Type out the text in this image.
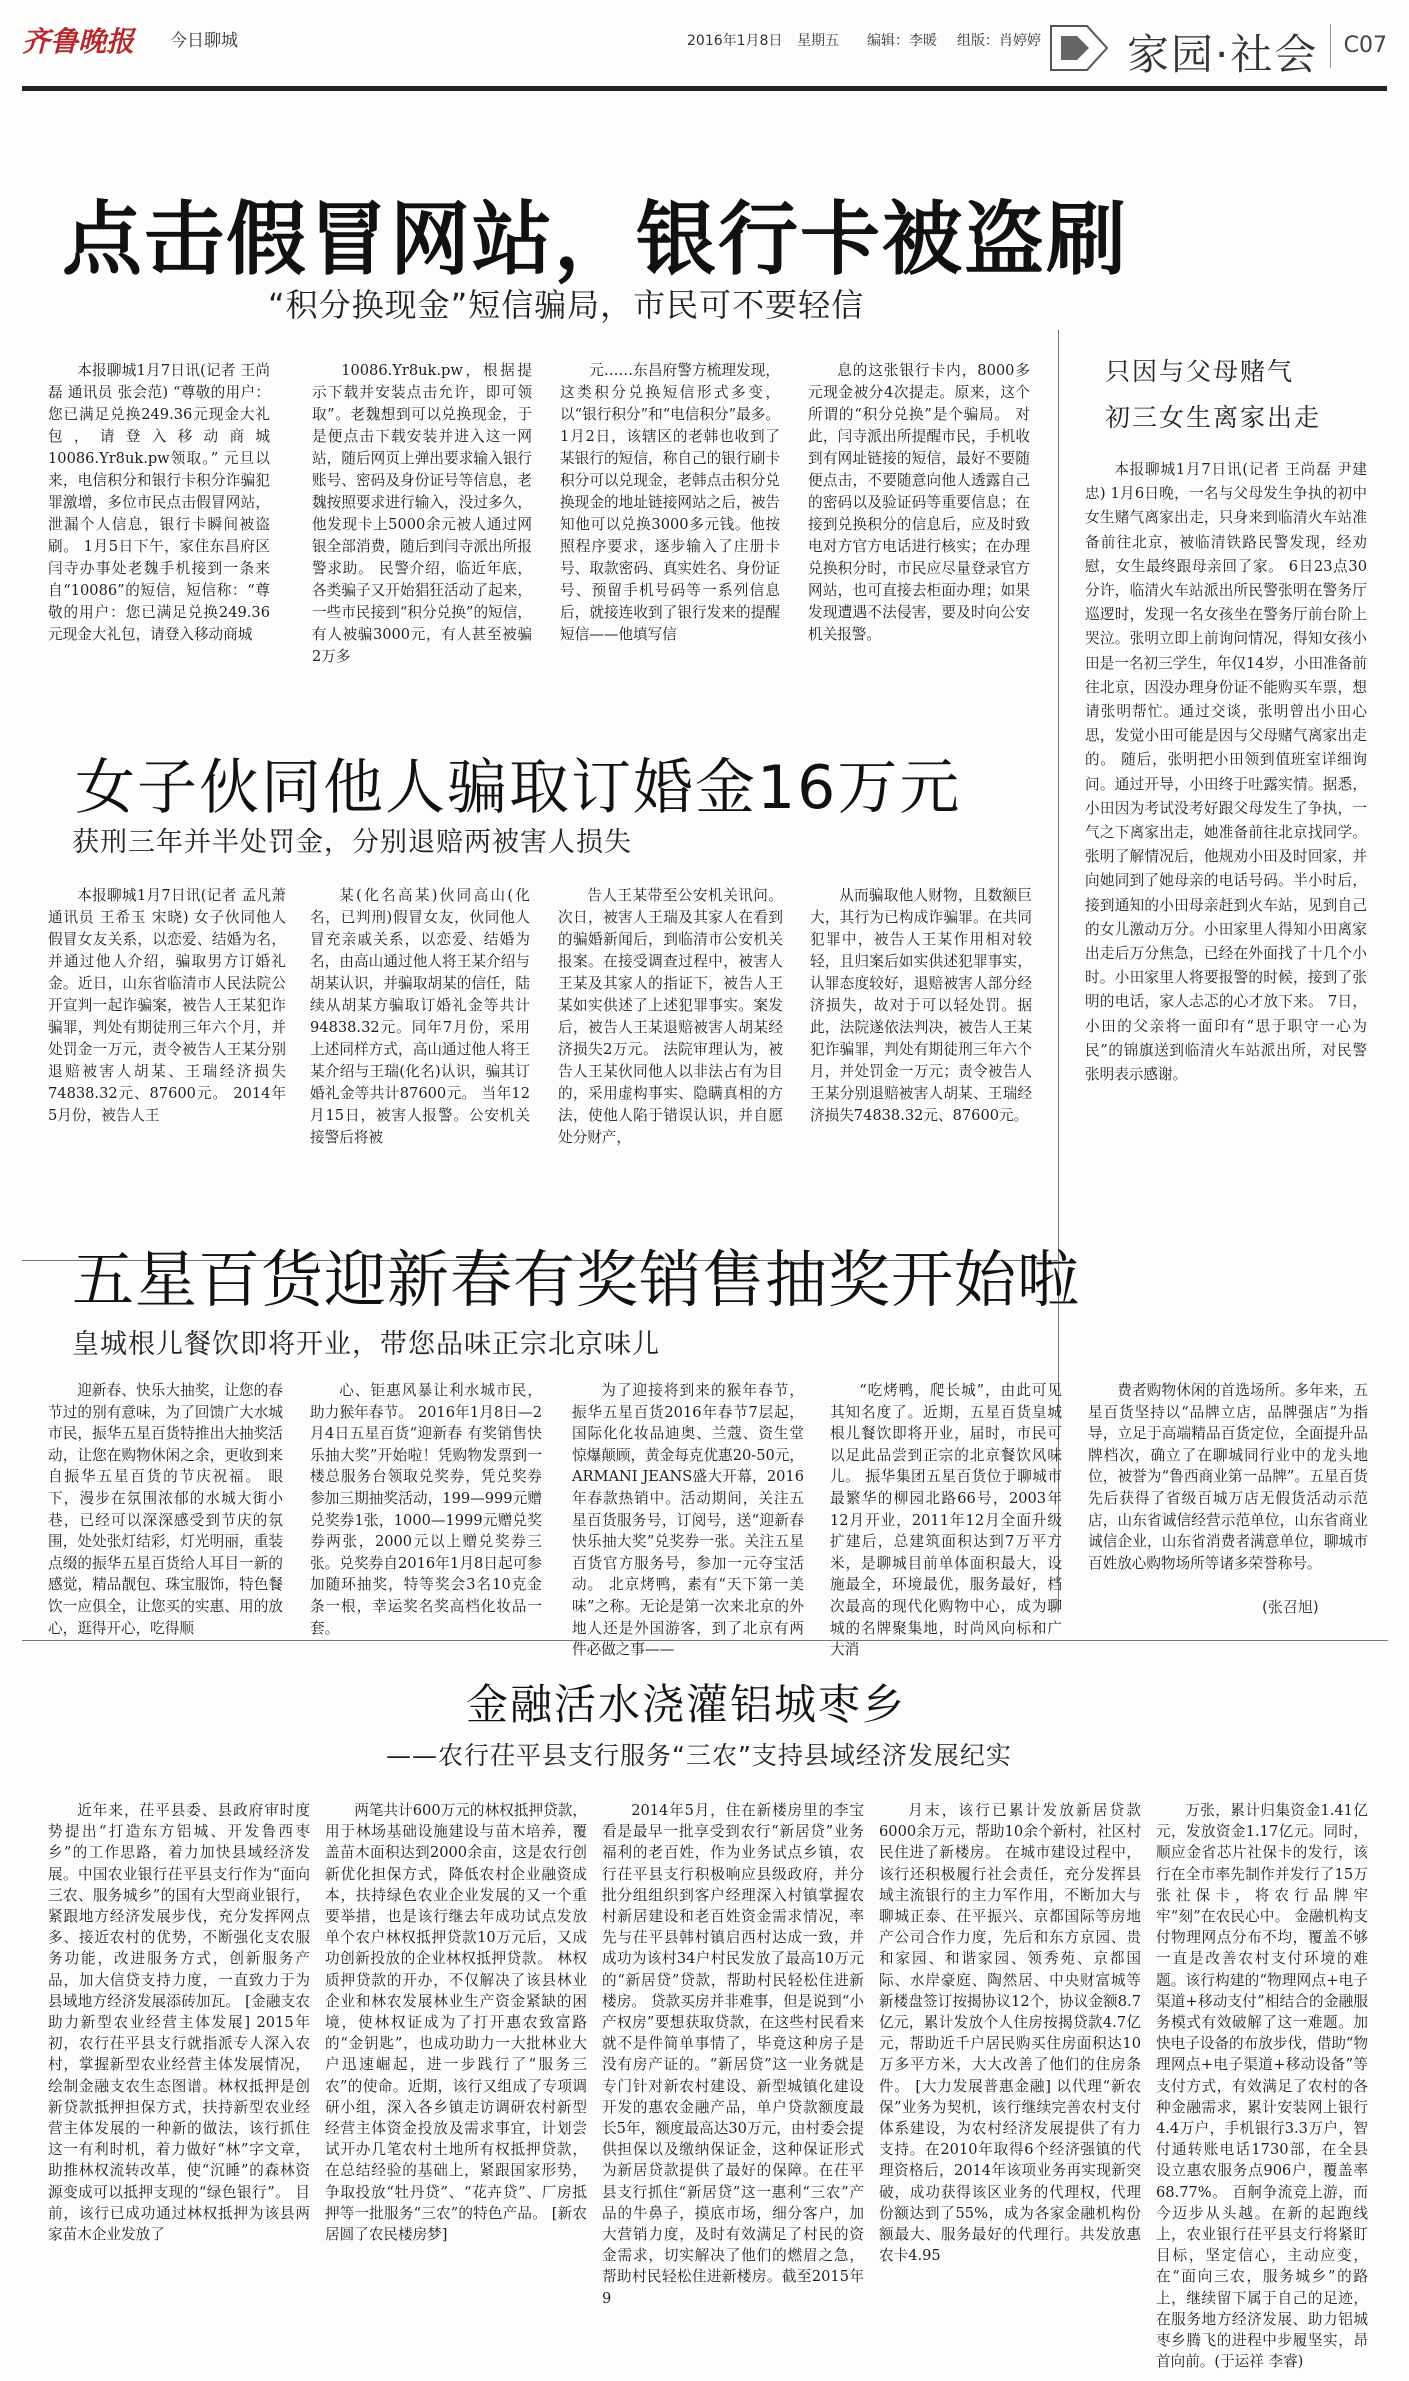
齐鲁晚报 今日聊城	2016年1月8日 星期五 编辑：李暖 组版：肖婷婷 家园·社会	C07
点击假冒网站，银行卡被盗刷
“积分换现金”短信骗局，市民可不要轻信
本报聊城1月7日讯(记者 王尚磊 通讯员 张会范) “尊敬的用户：您已满足兑换249.36元现金大礼包，请登入移动商城10086.Yr8uk.pw领取。” 元旦以来，电信积分和银行卡积分诈骗犯罪激增，多位市民点击假冒网站，泄漏个人信息，银行卡瞬间被盗刷。 1月5日下午，家住东昌府区闫寺办事处老魏手机接到一条来自“10086”的短信，短信称：“尊敬的用户：您已满足兑换249.36元现金大礼包，请登入移动商城
10086.Yr8uk.pw，根据提示下载并安装点击允许，即可领取”。老魏想到可以兑换现金，于是便点击下载安装并进入这一网站，随后网页上弹出要求输入银行账号、密码及身份证号等信息，老魏按照要求进行输入，没过多久，他发现卡上5000余元被人通过网银全部消费，随后到闫寺派出所报警求助。 民警介绍，临近年底，各类骗子又开始猖狂活动了起来，一些市民接到“积分兑换”的短信，有人被骗3000元，有人甚至被骗2万多
元……东昌府警方梳理发现，这类积分兑换短信形式多变，以“银行积分”和“电信积分”最多。 1月2日，该辖区的老韩也收到了某银行的短信，称自己的银行刷卡积分可以兑现金，老韩点击积分兑换现金的地址链接网站之后，被告知他可以兑换3000多元钱。他按照程序要求，逐步输入了庄册卡号、取款密码、真实姓名、身份证号、预留手机号码等一系列信息后，就接连收到了银行发来的提醒短信——他填写信
息的这张银行卡内，8000多元现金被分4次提走。原来，这个所谓的“积分兑换”是个骗局。 对此，闫寺派出所提醒市民，手机收到有网址链接的短信，最好不要随便点击，不要随意向他人透露自己的密码以及验证码等重要信息；在接到兑换积分的信息后，应及时致电对方官方电话进行核实；在办理兑换积分时，市民应尽量登录官方网站，也可直接去柜面办理；如果发现遭遇不法侵害，要及时向公安机关报警。
只因与父母赌气
初三女生离家出走
本报聊城1月7日讯(记者 王尚磊 尹建忠) 1月6日晚，一名与父母发生争执的初中女生赌气离家出走，只身来到临清火车站准备前往北京，被临清铁路民警发现，经劝慰，女生最终跟母亲回了家。 6日23点30分许，临清火车站派出所民警张明在警务厅巡逻时，发现一名女孩坐在警务厅前台阶上哭泣。张明立即上前询问情况，得知女孩小田是一名初三学生，年仅14岁，小田准备前往北京，因没办理身份证不能购买车票，想请张明帮忙。通过交谈，张明曾出小田心思，发觉小田可能是因与父母赌气离家出走的。 随后，张明把小田领到值班室详细询问。通过开导，小田终于吐露实情。据悉，小田因为考试没考好跟父母发生了争执，一气之下离家出走，她准备前往北京找同学。张明了解情况后，他规劝小田及时回家，并向她同到了她母亲的电话号码。半小时后，接到通知的小田母亲赶到火车站，见到自己的女儿激动万分。小田家里人得知小田离家出走后万分焦急，已经在外面找了十几个小时。小田家里人将要报警的时候，接到了张明的电话，家人忐忑的心才放下来。 7日，小田的父亲将一面印有“思于职守一心为民”的锦旗送到临清火车站派出所，对民警张明表示感谢。
女子伙同他人骗取订婚金16万元
获刑三年并半处罚金，分别退赔两被害人损失
本报聊城1月7日讯(记者 孟凡萧 通讯员 王希玉 宋晓) 女子伙同他人假冒女友关系，以恋爱、结婚为名，并通过他人介绍，骗取男方订婚礼金。近日，山东省临清市人民法院公开宣判一起诈骗案，被告人王某犯诈骗罪，判处有期徒刑三年六个月，并处罚金一万元，责令被告人王某分别退赔被害人胡某、王瑞经济损失74838.32元、87600元。 2014年5月份，被告人王
某(化名高某)伙同高山(化名，已判刑)假冒女友，伙同他人冒充亲戚关系，以恋爱、结婚为名，由高山通过他人将王某介绍与胡某认识，并骗取胡某的信任，陆续从胡某方骗取订婚礼金等共计94838.32元。同年7月份，采用上述同样方式，高山通过他人将王某介绍与王瑞(化名)认识，骗其订婚礼金等共计87600元。 当年12月15日，被害人报警。公安机关接警后将被
告人王某带至公安机关讯问。次日，被害人王瑞及其家人在看到的骗婚新闻后，到临清市公安机关报案。在接受调查过程中，被害人王某及其家人的指证下，被告人王某如实供述了上述犯罪事实。案发后，被告人王某退赔被害人胡某经济损失2万元。 法院审理认为，被告人王某伙同他人以非法占有为目的，采用虚构事实、隐瞒真相的方法，使他人陷于错误认识，并自愿处分财产，
从而骗取他人财物，且数额巨大，其行为已构成诈骗罪。在共同犯罪中，被告人王某作用相对较轻，且归案后如实供述犯罪事实，认罪态度较好，退赔被害人部分经济损失，故对于可以轻处罚。据此，法院遂依法判决，被告人王某犯诈骗罪，判处有期徒刑三年六个月，并处罚金一万元；责令被告人王某分别退赔被害人胡某、王瑞经济损失74838.32元、87600元。
五星百货迎新春有奖销售抽奖开始啦
皇城根儿餐饮即将开业，带您品味正宗北京味儿
迎新春、快乐大抽奖，让您的春节过的别有意味，为了回馈广大水城市民，振华五星百货特推出大抽奖活动，让您在购物休闲之余，更收到来自振华五星百货的节庆祝福。 眼下，漫步在氛围浓郁的水城大街小巷，已经可以深深感受到节庆的氛围，处处张灯结彩，灯光明丽，重装点缀的振华五星百货给人耳目一新的感觉，精品靓包、珠宝服饰，特色餐饮一应俱全，让您买的实惠、用的放心，逛得开心，吃得顺
心、钜惠风暴让利水城市民，助力猴年春节。 2016年1月8日—2月4日五星百货“迎新春 有奖销售快乐抽大奖”开始啦！凭购物发票到一楼总服务台领取兑奖券，凭兑奖券参加三期抽奖活动，199—999元赠兑奖券1张，1000—1999元赠兑奖券两张，2000元以上赠兑奖券三张。兑奖券自2016年1月8日起可参加随环抽奖，特等奖会3名10克金条一根，幸运奖名奖高档化妆品一套。
为了迎接将到来的猴年春节，振华五星百货2016年春节7层起，国际化化妆品迪奥、兰蔻、资生堂惊爆颠顾，黄金每克优惠20-50元，ARMANI JEANS盛大开幕，2016年春款热销中。活动期间，关注五星百货服务号，订阅号，送“迎新春 快乐抽大奖”兑奖券一张。关注五星百货官方服务号，参加一元夺宝活动。 北京烤鸭，素有“天下第一美味”之称。无论是第一次来北京的外地人还是外国游客，到了北京有两件必做之事——
“吃烤鸭，爬长城”，由此可见其知名度了。近期，五星百货皇城根儿餐饮即将开业，届时，市民可以足此品尝到正宗的北京餐饮风味儿。 振华集团五星百货位于聊城市最繁华的柳园北路66号，2003年12月开业，2011年12月全面升级扩建后，总建筑面积达到7万平方米，是聊城目前单体面积最大，设施最全，环境最优，服务最好，档次最高的现代化购物中心，成为聊城的名牌聚集地，时尚风向标和广大消
费者购物休闲的首选场所。多年来，五星百货坚持以“品牌立店，品牌强店”为指导，立足于高端精品百货定位，全面提升品牌档次，确立了在聊城同行业中的龙头地位，被誉为“鲁西商业第一品牌”。五星百货先后获得了省级百城万店无假货活动示范店，山东省诚信经营示范单位，山东省商业诚信企业，山东省消费者满意单位，聊城市百姓放心购物场所等诸多荣誉称号。
(张召旭)
金融活水浇灌铝城枣乡
——农行茌平县支行服务“三农”支持县域经济发展纪实
近年来，茌平县委、县政府审时度势提出“打造东方铝城、开发鲁西枣乡”的工作思路，着力加快县域经济发展。中国农业银行茌平县支行作为“面向三农、服务城乡”的国有大型商业银行，紧跟地方经济发展步伐，充分发挥网点多、接近农村的优势，不断强化支农服务功能，改进服务方式，创新服务产品，加大信贷支持力度，一直致力于为县域地方经济发展添砖加瓦。 [金融支农助力新型农业经营主体发展] 2015年初，农行茌平县支行就指派专人深入农村，掌握新型农业经营主体发展情况，绘制金融支农生态图谱。林权抵押是创新贷款抵押担保方式，扶持新型农业经营主体发展的一种新的做法，该行抓住这一有利时机，着力做好“林”字文章，助推林权流转改革，使“沉睡”的森林资源变成可以抵押支现的“绿色银行”。 目前，该行已成功通过林权抵押为该县两家苗木企业发放了
两笔共计600万元的林权抵押贷款，用于林场基础设施建设与苗木培养，覆盖苗木面积达到2000余亩，这是农行创新优化担保方式，降低农村企业融资成本，扶持绿色农业企业发展的又一个重要举措，也是该行继去年成功试点发放单个农户林权抵押贷款10万元后，又成功创新投放的企业林权抵押贷款。 林权质押贷款的开办，不仅解决了该县林业企业和林农发展林业生产资金紧缺的困境，使林权证成为了打开惠农致富路的“金钥匙”，也成功助力一大批林业大户迅速崛起，进一步践行了“服务三农”的使命。近期，该行又组成了专项调研小组，深入各乡镇走访调研农村新型经营主体资金投放及需求事宜，计划尝试开办几笔农村土地所有权抵押贷款，在总结经验的基础上，紧跟国家形势，争取投放“牡丹贷”、“花卉贷”、厂房抵押等一批服务“三农”的特色产品。 [新农居圆了农民楼房梦]
2014年5月，住在新楼房里的李宝看是最早一批享受到农行“新居贷”业务福利的老百姓，作为业务试点乡镇，农行茌平县支行积极响应县级政府，并分批分组组织到客户经理深入村镇掌握农村新居建设和老百姓资金需求情况，率先与茌平县韩村镇启西村达成一致，并成功为该村34户村民发放了最高10万元的“新居贷”贷款，帮助村民轻松住进新楼房。 贷款买房并非难事，但是说到“小产权房”要想获取贷款，在这些村民看来就不是件简单事情了，毕竟这种房子是没有房产证的。“新居贷”这一业务就是专门针对新农村建设、新型城镇化建设开发的惠农金融产品，单户贷款额度最长5年，额度最高达30万元，由村委会提供担保以及缴纳保证金，这种保证形式为新居贷款提供了最好的保障。在茌平县支行抓住“新居贷”这一惠利“三农”产品的牛鼻子，摸底市场，细分客户，加大营销力度，及时有效满足了村民的资金需求，切实解决了他们的燃眉之急，帮助村民轻松住进新楼房。截至2015年9
月末，该行已累计发放新居贷款6000余万元，帮助10余个新村，社区村民住进了新楼房。 在城市建设过程中，该行还积极履行社会责任，充分发挥县域主流银行的主力军作用，不断加大与聊城正泰、茌平振兴、京都国际等房地产公司合作力度，先后和东方京园、贵和家园、和谐家园、领秀苑、京都国际、水岸豪庭、陶然居、中央财富城等新楼盘签订按揭协议12个，协议金额8.7亿元，累计发放个人住房按揭贷款4.7亿元，帮助近千户居民购买住房面积达10万多平方米，大大改善了他们的住房条件。 [大力发展普惠金融] 以代理“新农保”业务为契机，该行继续完善农村支付体系建设，为农村经济发展提供了有力支持。在2010年取得6个经济强镇的代理资格后，2014年该项业务再实现新突破，成功获得该区业务的代理权，代理份额达到了55%，成为各家金融机构份额最大、服务最好的代理行。共发放惠农卡4.95
万张，累计归集资金1.41亿元，发放资金1.17亿元。同时，顺应金省芯片社保卡的发行，该行在全市率先制作并发行了15万张社保卡，将农行品牌牢牢“刻”在农民心中。 金融机构支付物理网点分布不均，覆盖不够一直是改善农村支付环境的难题。该行构建的“物理网点+电子渠道+移动支付”相结合的金融服务模式有效破解了这一难题。加快电子设备的布放步伐，借助“物理网点+电子渠道+移动设备”等支付方式，有效满足了农村的各种金融需求，累计安装网上银行4.4万户，手机银行3.3万户，智付通转账电话1730部，在全县设立惠农服务点906户，覆盖率68.77%。 百舸争流竞上游，而今迈步从头越。在新的起跑线上，农业银行茌平县支行将紧盯目标，坚定信心，主动应变，在“面向三农，服务城乡”的路上，继续留下属于自己的足迹，在服务地方经济发展、助力铝城枣乡腾飞的进程中步履坚实，昂首向前。(于运祥 李睿)
